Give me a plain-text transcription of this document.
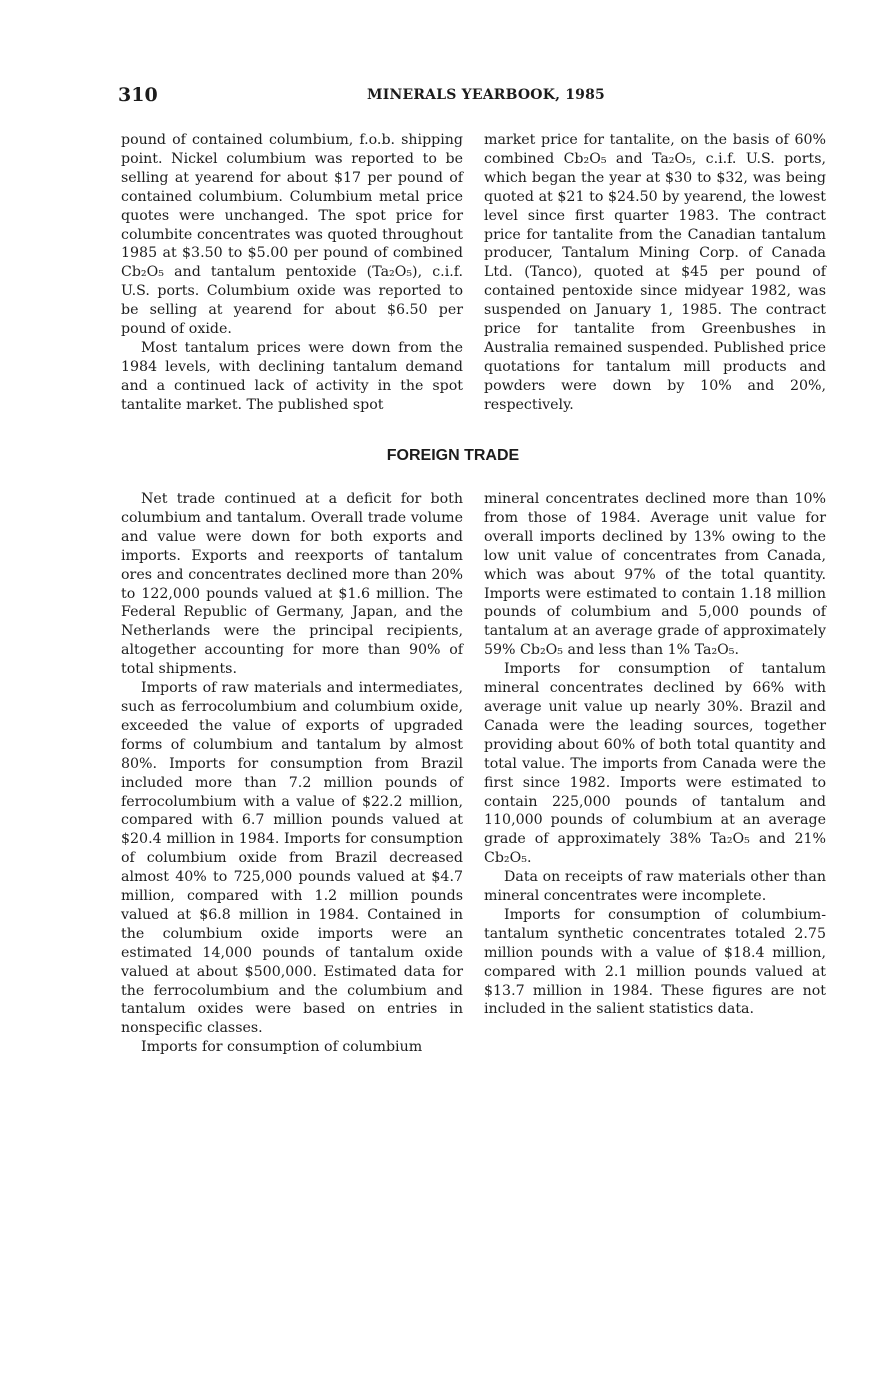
310	MINERALS YEARBOOK, 1985

pound of contained columbium, f.o.b. shipping point. Nickel columbium was reported to be selling at yearend for about $17 per pound of contained columbium. Columbium metal price quotes were unchanged. The spot price for columbite concentrates was quoted throughout 1985 at $3.50 to $5.00 per pound of combined Cb₂O₅ and tantalum pentoxide (Ta₂O₅), c.i.f. U.S. ports. Columbium oxide was reported to be selling at yearend for about $6.50 per pound of oxide.

Most tantalum prices were down from the 1984 levels, with declining tantalum demand and a continued lack of activity in the spot tantalite market. The published spot

market price for tantalite, on the basis of 60% combined Cb₂O₅ and Ta₂O₅, c.i.f. U.S. ports, which began the year at $30 to $32, was being quoted at $21 to $24.50 by yearend, the lowest level since first quarter 1983. The contract price for tantalite from the Canadian tantalum producer, Tantalum Mining Corp. of Canada Ltd. (Tanco), quoted at $45 per pound of contained pentoxide since midyear 1982, was suspended on January 1, 1985. The contract price for tantalite from Greenbushes in Australia remained suspended. Published price quotations for tantalum mill products and powders were down by 10% and 20%, respectively.

FOREIGN TRADE

Net trade continued at a deficit for both columbium and tantalum. Overall trade volume and value were down for both exports and imports. Exports and reexports of tantalum ores and concentrates declined more than 20% to 122,000 pounds valued at $1.6 million. The Federal Republic of Germany, Japan, and the Netherlands were the principal recipients, altogether accounting for more than 90% of total shipments.

Imports of raw materials and intermediates, such as ferrocolumbium and columbium oxide, exceeded the value of exports of upgraded forms of columbium and tantalum by almost 80%. Imports for consumption from Brazil included more than 7.2 million pounds of ferrocolumbium with a value of $22.2 million, compared with 6.7 million pounds valued at $20.4 million in 1984. Imports for consumption of columbium oxide from Brazil decreased almost 40% to 725,000 pounds valued at $4.7 million, compared with 1.2 million pounds valued at $6.8 million in 1984. Contained in the columbium oxide imports were an estimated 14,000 pounds of tantalum oxide valued at about $500,000. Estimated data for the ferrocolumbium and the columbium and tantalum oxides were based on entries in nonspecific classes.

Imports for consumption of columbium

mineral concentrates declined more than 10% from those of 1984. Average unit value for overall imports declined by 13% owing to the low unit value of concentrates from Canada, which was about 97% of the total quantity. Imports were estimated to contain 1.18 million pounds of columbium and 5,000 pounds of tantalum at an average grade of approximately 59% Cb₂O₅ and less than 1% Ta₂O₅.

Imports for consumption of tantalum mineral concentrates declined by 66% with average unit value up nearly 30%. Brazil and Canada were the leading sources, together providing about 60% of both total quantity and total value. The imports from Canada were the first since 1982. Imports were estimated to contain 225,000 pounds of tantalum and 110,000 pounds of columbium at an average grade of approximately 38% Ta₂O₅ and 21% Cb₂O₅.

Data on receipts of raw materials other than mineral concentrates were incomplete.

Imports for consumption of columbium-tantalum synthetic concentrates totaled 2.75 million pounds with a value of $18.4 million, compared with 2.1 million pounds valued at $13.7 million in 1984. These figures are not included in the salient statistics data.
